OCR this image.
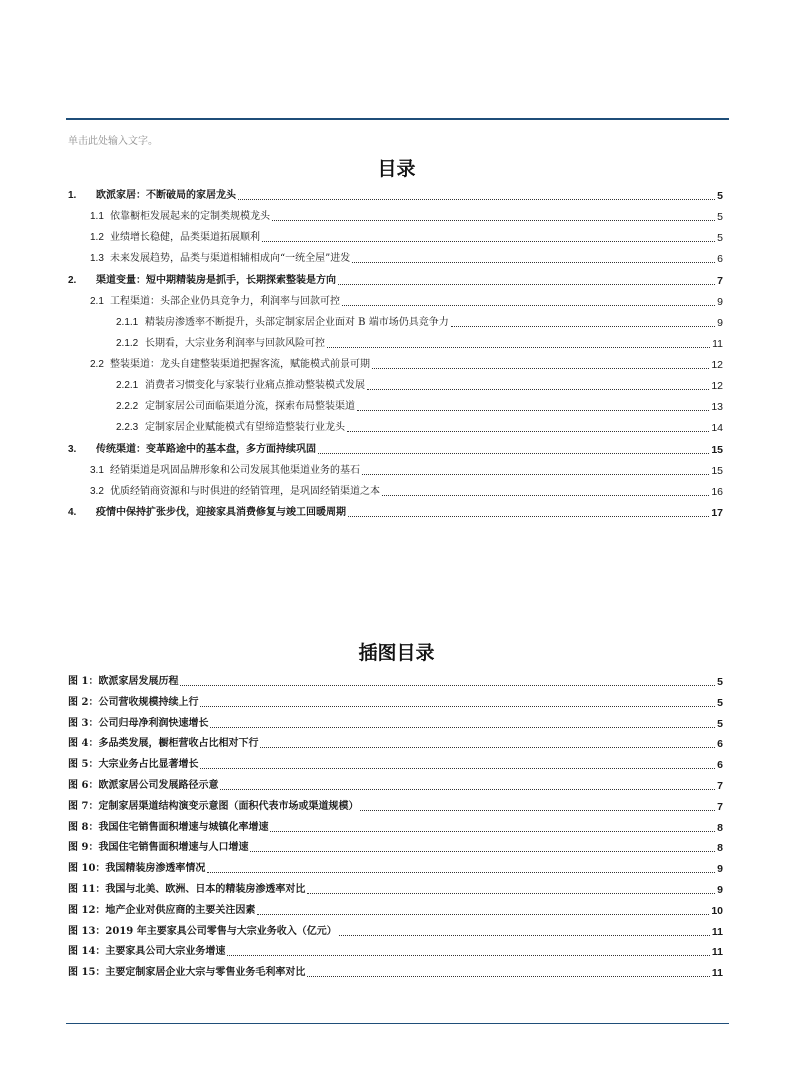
单击此处输入文字。
目录
1.	欧派家居：不断破局的家居龙头	5
1.1 依靠橱柜发展起来的定制类规模龙头	5
1.2 业绩增长稳健，品类渠道拓展顺利	5
1.3 未来发展趋势，品类与渠道相辅相成向“一统全屋”进发	6
2.	渠道变量：短中期精装房是抓手，长期探索整装是方向	7
2.1 工程渠道：头部企业仍具竞争力，利润率与回款可控	9
2.1.1 精装房渗透率不断提升，头部定制家居企业面对 B 端市场仍具竞争力	9
2.1.2 长期看，大宗业务利润率与回款风险可控	11
2.2 整装渠道：龙头自建整装渠道把握客流，赋能模式前景可期	12
2.2.1 消费者习惯变化与家装行业痛点推动整装模式发展	12
2.2.2 定制家居公司面临渠道分流，探索布局整装渠道	13
2.2.3 定制家居企业赋能模式有望缔造整装行业龙头	14
3.	传统渠道：变革路途中的基本盘，多方面持续巩固	15
3.1 经销渠道是巩固品牌形象和公司发展其他渠道业务的基石	15
3.2 优质经销商资源和与时俱进的经销管理，是巩固经销渠道之本	16
4.	疫情中保持扩张步伐，迎接家具消费修复与竣工回暖周期	17
插图目录
图 1：欧派家居发展历程	5
图 2：公司营收规模持续上行	5
图 3：公司归母净利润快速增长	5
图 4：多品类发展，橱柜营收占比相对下行	6
图 5：大宗业务占比显著增长	6
图 6：欧派家居公司发展路径示意	7
图 7：定制家居渠道结构演变示意图（面积代表市场或渠道规模）	7
图 8：我国住宅销售面积增速与城镇化率增速	8
图 9：我国住宅销售面积增速与人口增速	8
图 10：我国精装房渗透率情况	9
图 11：我国与北美、欧洲、日本的精装房渗透率对比	9
图 12：地产企业对供应商的主要关注因素	10
图 13：2019 年主要家具公司零售与大宗业务收入（亿元）	11
图 14：主要家具公司大宗业务增速	11
图 15：主要定制家居企业大宗与零售业务毛利率对比	11
